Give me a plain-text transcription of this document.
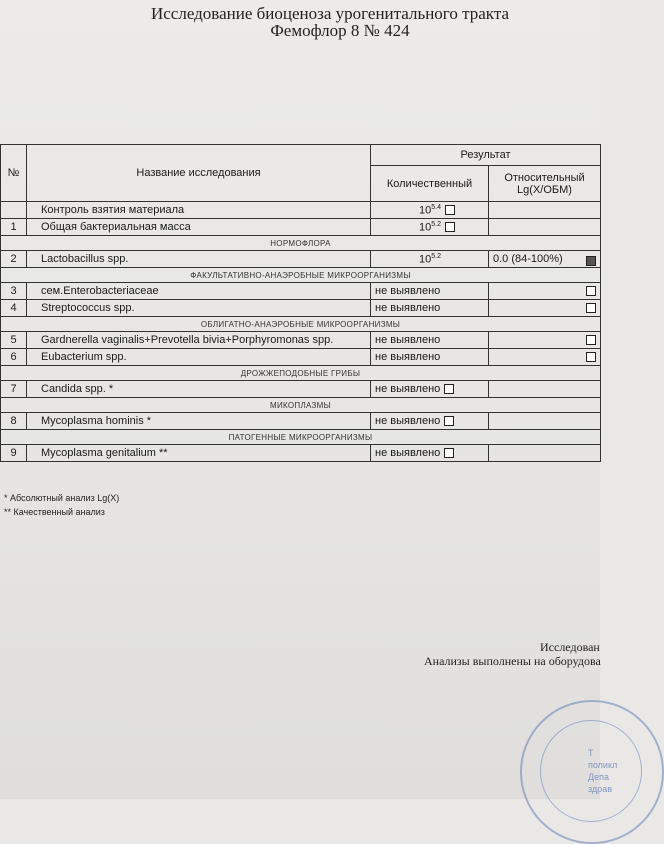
Исследование биоценоза урогенитального тракта
Фемофлор 8 № 424
№	Название исследования	Результат	
		Количественный	Относительный Lg(X/ОБМ)
	Контроль взятия материала	$10^{5.4}$	
1	Общая бактериальная масса	$10^{5.2}$	
НОРМОФЛОРА			
2	Lactobacillus spp.	$10^{5.2}$	0.0 (84-100%)

ФАКУЛЬТАТИВНО-АНАЭРОБНЫЕ МИКРООРГАНИЗМЫ			
3	сем.Enterobacteriaceae	не выявлено	
4	Streptococcus spp.	не выявлено	
ОБЛИГАТНО-АНАЭРОБНЫЕ МИКРООРГАНИЗМЫ			
5	Gardnerella vaginalis+Prevotella bivia+Porphyromonas spp.	не выявлено	
6	Eubacterium spp.	не выявлено	
ДРОЖЖЕПОДОБНЫЕ ГРИБЫ			
7	Candida spp. *	не выявлено	
МИКОПЛАЗМЫ			
8	Mycoplasma hominis *	не выявлено	
ПАТОГЕННЫЕ МИКРООРГАНИЗМЫ			
9	Mycoplasma genitalium **	не выявлено	
* Абсолютный анализ Lg(X)
** Качественный анализ
Исследован
Анализы выполнены на оборудова
Т
поликл
Депа
здрав
